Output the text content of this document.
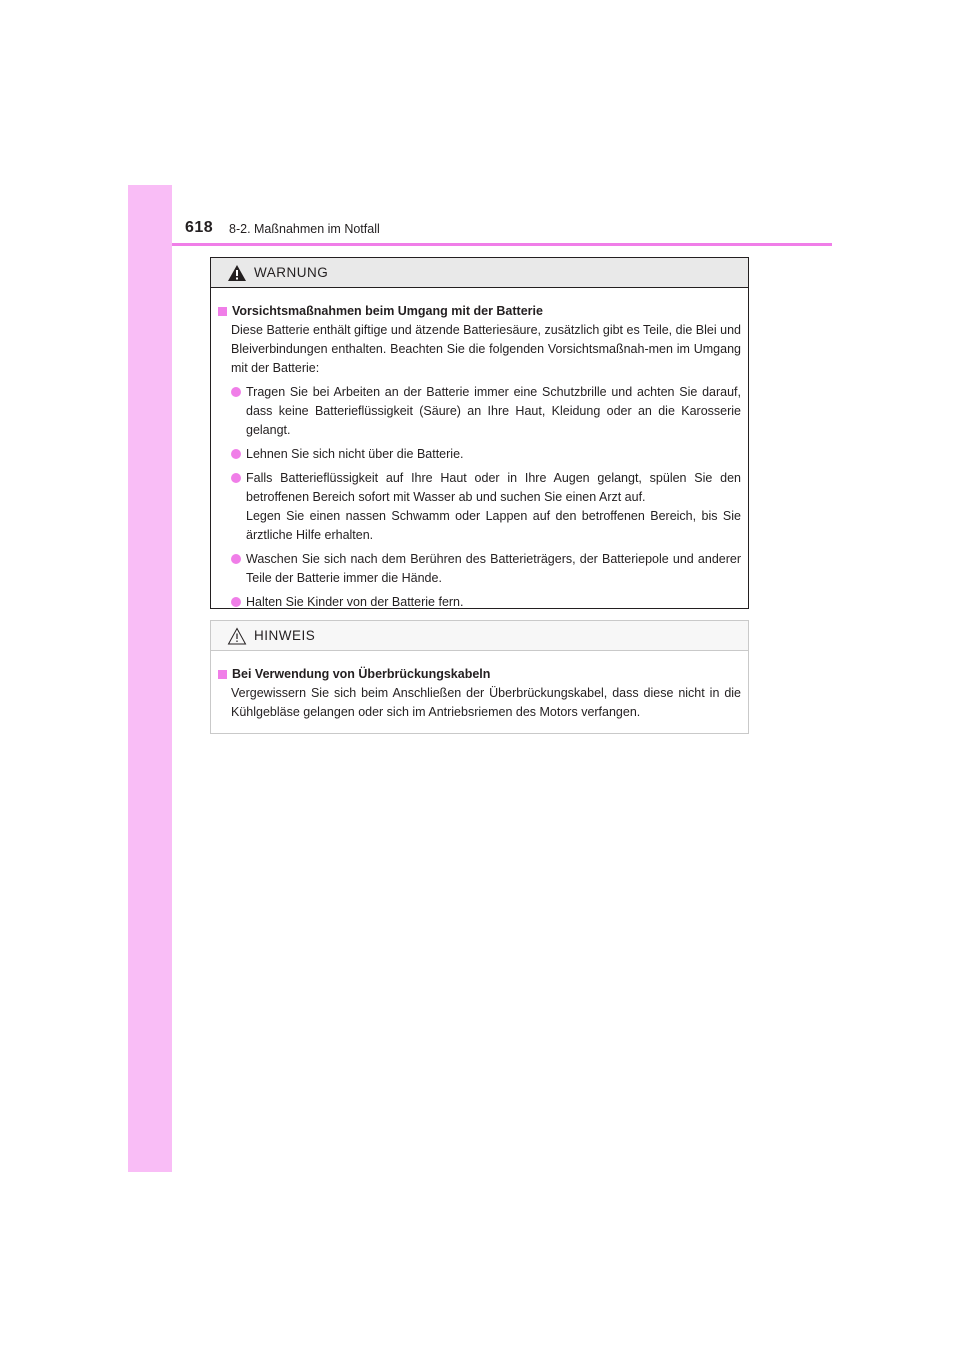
618 8-2. Maßnahmen im Notfall
WARNUNG
Vorsichtsmaßnahmen beim Umgang mit der Batterie
Diese Batterie enthält giftige und ätzende Batteriesäure, zusätzlich gibt es Teile, die Blei und Bleiverbindungen enthalten. Beachten Sie die folgenden Vorsichtsmaßnah-men im Umgang mit der Batterie:
Tragen Sie bei Arbeiten an der Batterie immer eine Schutzbrille und achten Sie darauf, dass keine Batterieflüssigkeit (Säure) an Ihre Haut, Kleidung oder an die Karosserie gelangt.
Lehnen Sie sich nicht über die Batterie.
Falls Batterieflüssigkeit auf Ihre Haut oder in Ihre Augen gelangt, spülen Sie den betroffenen Bereich sofort mit Wasser ab und suchen Sie einen Arzt auf.
Legen Sie einen nassen Schwamm oder Lappen auf den betroffenen Bereich, bis Sie ärztliche Hilfe erhalten.
Waschen Sie sich nach dem Berühren des Batterieträgers, der Batteriepole und anderer Teile der Batterie immer die Hände.
Halten Sie Kinder von der Batterie fern.
HINWEIS
Bei Verwendung von Überbrückungskabeln
Vergewissern Sie sich beim Anschließen der Überbrückungskabel, dass diese nicht in die Kühlgebläse gelangen oder sich im Antriebsriemen des Motors verfangen.
